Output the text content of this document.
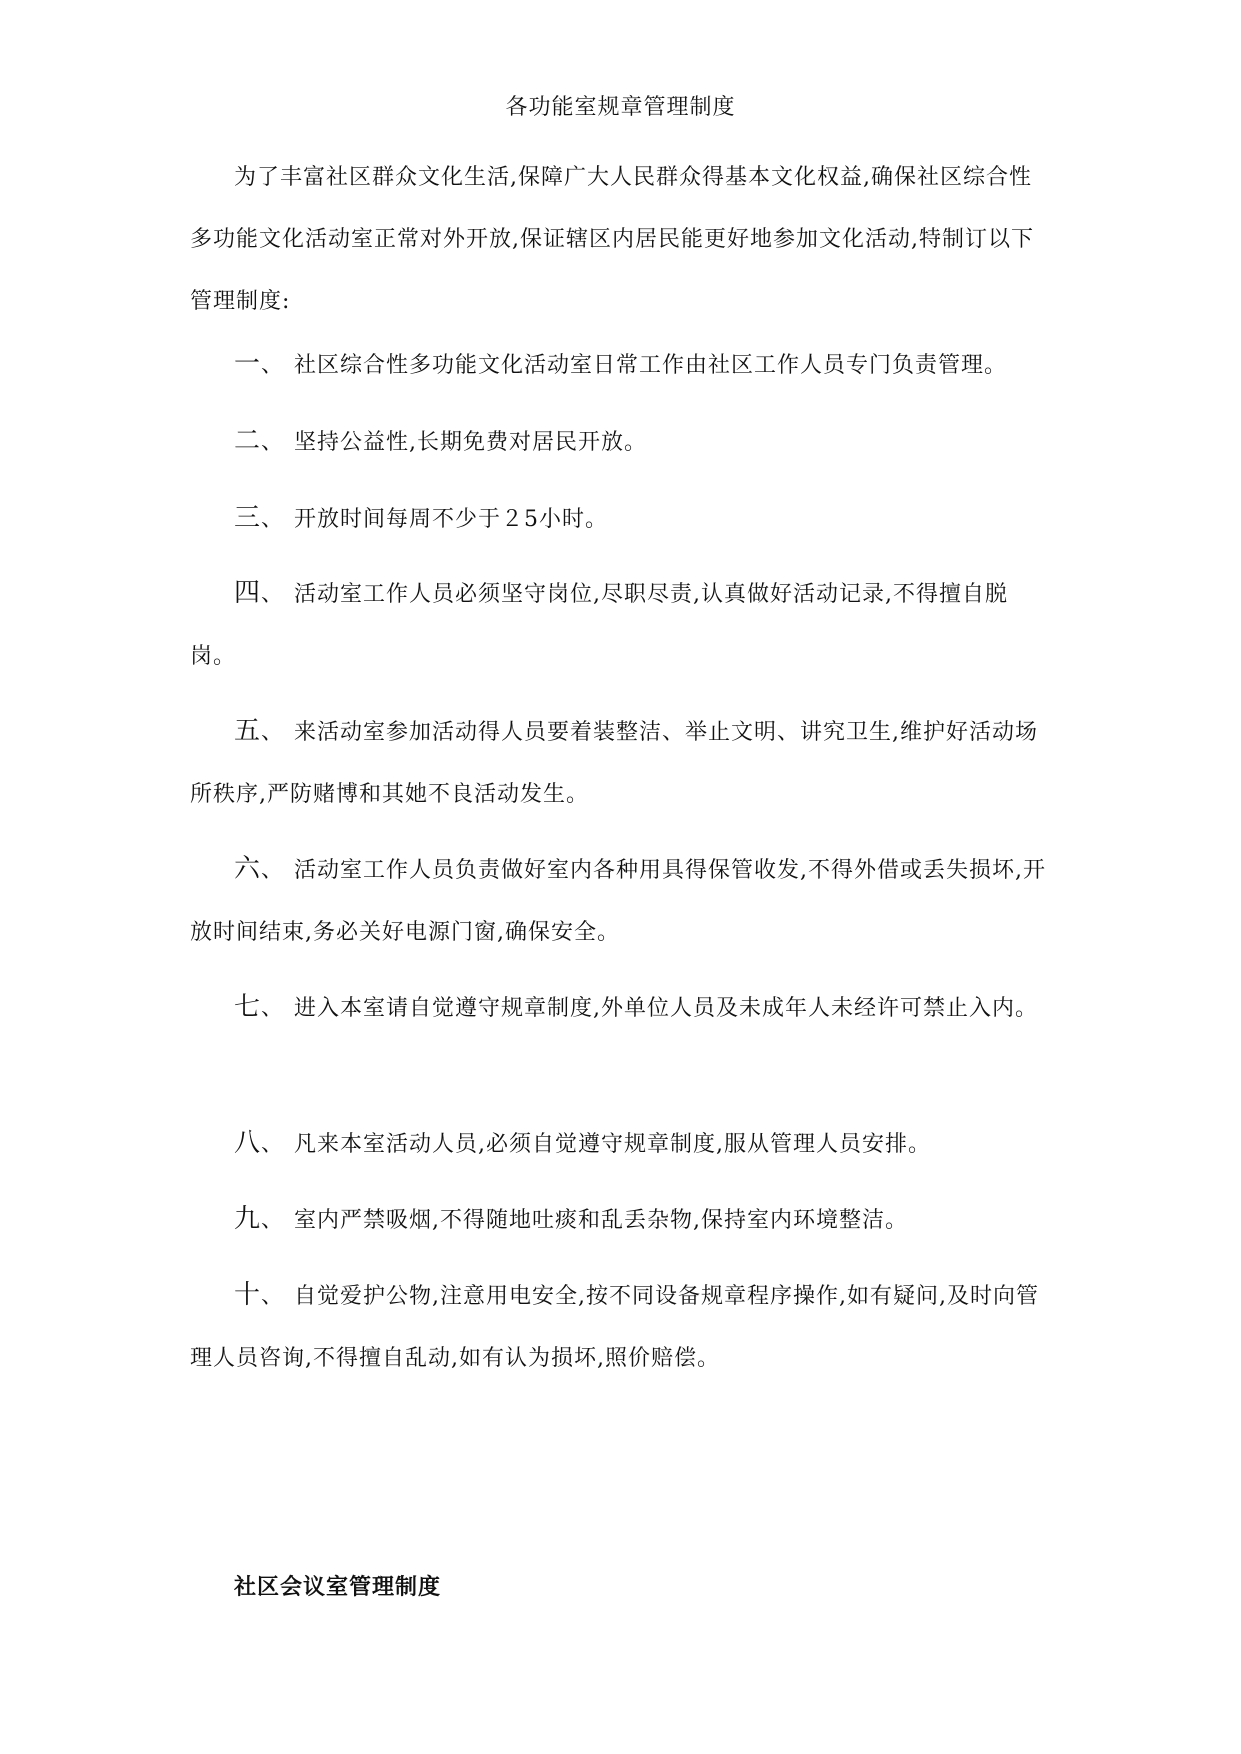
各功能室规章管理制度
为了丰富社区群众文化生活,保障广大人民群众得基本文化权益,确保社区综合性多功能文化活动室正常对外开放,保证辖区内居民能更好地参加文化活动,特制订以下管理制度:
一、 社区综合性多功能文化活动室日常工作由社区工作人员专门负责管理。
二、 坚持公益性,长期免费对居民开放。
三、 开放时间每周不少于２5小时。
四、 活动室工作人员必须坚守岗位,尽职尽责,认真做好活动记录,不得擅自脱岗。
五、 来活动室参加活动得人员要着装整洁、举止文明、讲究卫生,维护好活动场所秩序,严防赌博和其她不良活动发生。
六、 活动室工作人员负责做好室内各种用具得保管收发,不得外借或丢失损坏,开放时间结束,务必关好电源门窗,确保安全。
七、 进入本室请自觉遵守规章制度,外单位人员及未成年人未经许可禁止入内。
八、 凡来本室活动人员,必须自觉遵守规章制度,服从管理人员安排。
九、 室内严禁吸烟,不得随地吐痰和乱丢杂物,保持室内环境整洁。
十、 自觉爱护公物,注意用电安全,按不同设备规章程序操作,如有疑问,及时向管理人员咨询,不得擅自乱动,如有认为损坏,照价赔偿。
社区会议室管理制度
